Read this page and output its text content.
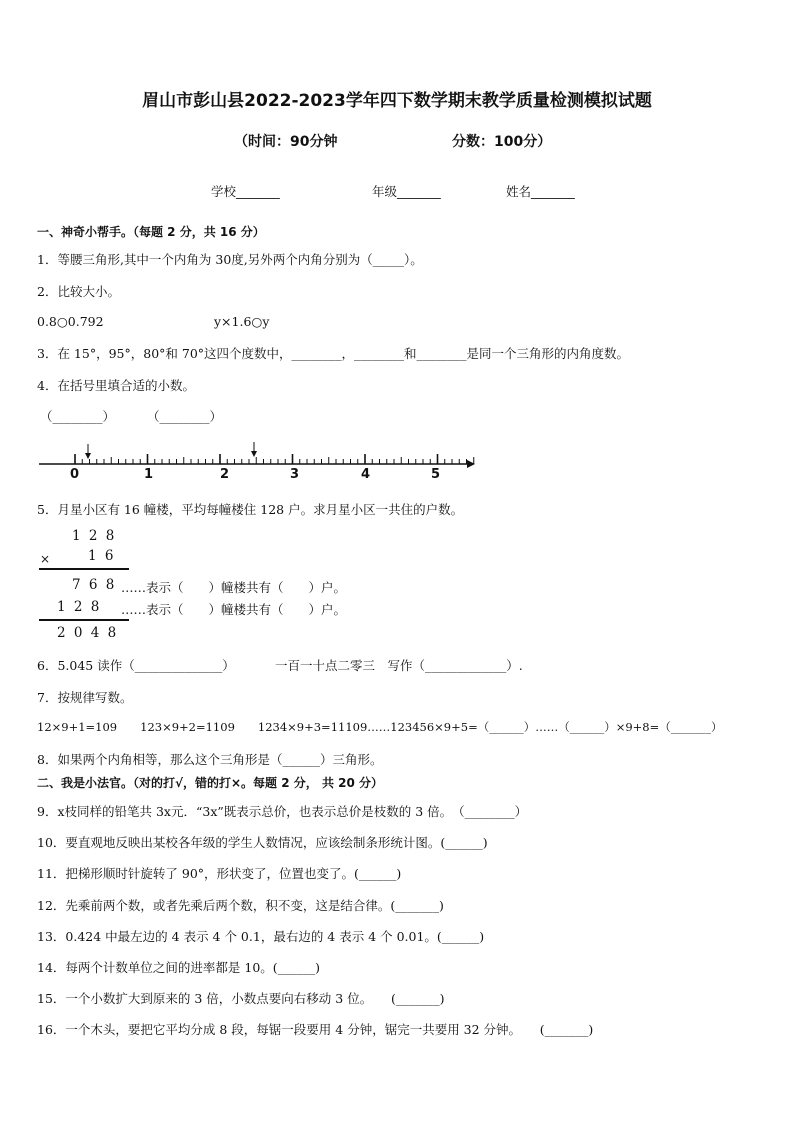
眉山市彭山县2022-2023学年四下数学期末教学质量检测模拟试题
（时间：90分钟	分数：100分）
学校_______	年级_______	姓名_______
一、神奇小帮手。（每题 2 分，共 16 分）
1．等腰三角形,其中一个内角为 30度,另外两个内角分别为（_____）。
2．比较大小。
0.8○0.792	y×1.6○y
3．在 15°，95°，80°和 70°这四个度数中，________，________和________是同一个三角形的内角度数。
4．在括号里填合适的小数。
（________）	（________）
0	1	2	3	4	5
5．月星小区有 16 幢楼，平均每幢楼住 128 户。求月星小区一共住的户数。
1 2 8
×	1 6
7 6 8 ……表示（　　）幢楼共有（　　）户。
1 2 8 ……表示（　　）幢楼共有（　　）户。
2 0 4 8
6．5.045 读作（______________）	一百一十点二零三　写作（_____________）.
7．按规律写数。
12×9+1=109　　123×9+2=1109　　1234×9+3=11109……123456×9+5=（______）……（______）×9+8=（_______）
8．如果两个内角相等，那么这个三角形是（______）三角形。
二、我是小法官。（对的打√，错的打×。每题 2 分， 共 20 分）
9．x枝同样的铅笔共 3x元．“3x”既表示总价，也表示总价是枝数的 3 倍。　（________）
10．要直观地反映出某校各年级的学生人数情况，应该绘制条形统计图。(______)
11．把梯形顺时针旋转了 90°，形状变了，位置也变了。(______)
12．先乘前两个数，或者先乘后两个数，积不变，这是结合律。(_______)
13．0.424 中最左边的 4 表示 4 个 0.1，最右边的 4 表示 4 个 0.01。(______)
14．每两个计数单位之间的进率都是 10。(______)
15．一个小数扩大到原来的 3 倍，小数点要向右移动 3 位。　　(_______)
16．一个木头，要把它平均分成 8 段，每锯一段要用 4 分钟，锯完一共要用 32 分钟。　　(_______)
